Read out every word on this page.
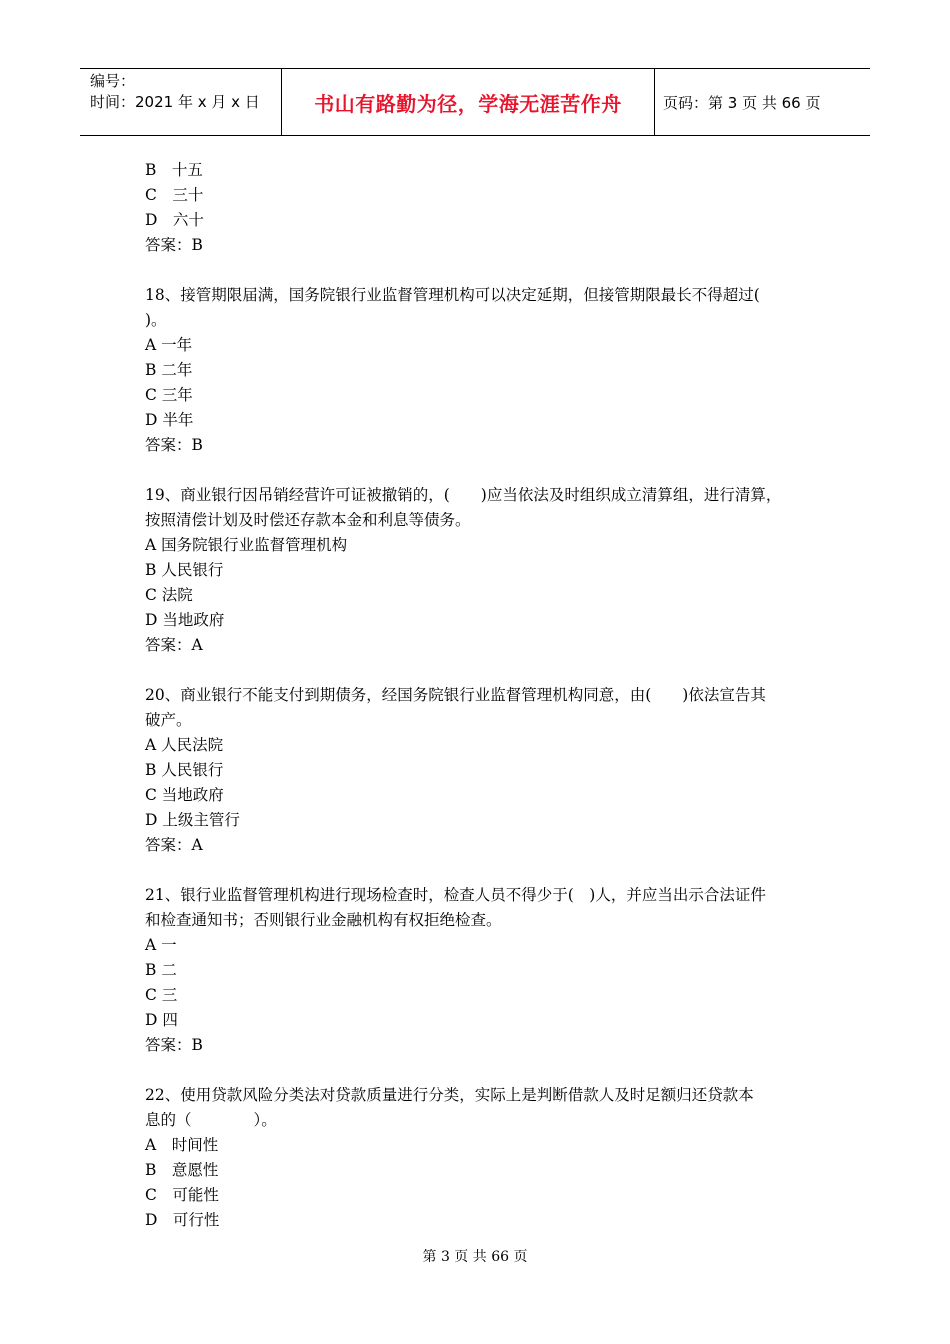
编号：
时间：2021 年 x 月 x 日	书山有路勤为径，学海无涯苦作舟	页码：第 3 页 共 66 页
B　十五
C　三十
D　六十
答案：B
18、接管期限届满，国务院银行业监督管理机构可以决定延期，但接管期限最长不得超过(
)。
A 一年
B 二年
C 三年
D 半年
答案：B
19、商业银行因吊销经营许可证被撤销的，(　　)应当依法及时组织成立清算组，进行清算，
按照清偿计划及时偿还存款本金和利息等债务。
A 国务院银行业监督管理机构
B 人民银行
C 法院
D 当地政府
答案：A
20、商业银行不能支付到期债务，经国务院银行业监督管理机构同意，由(　　)依法宣告其
破产。
A 人民法院
B 人民银行
C 当地政府
D 上级主管行
答案：A
21、银行业监督管理机构进行现场检查时，检查人员不得少于(　)人，并应当出示合法证件
和检查通知书；否则银行业金融机构有权拒绝检查。
A 一
B 二
C 三
D 四
答案：B
22、使用贷款风险分类法对贷款质量进行分类，实际上是判断借款人及时足额归还贷款本
息的（　　　　）。
A　时间性
B　意愿性
C　可能性
D　可行性
第 3 页 共 66 页
